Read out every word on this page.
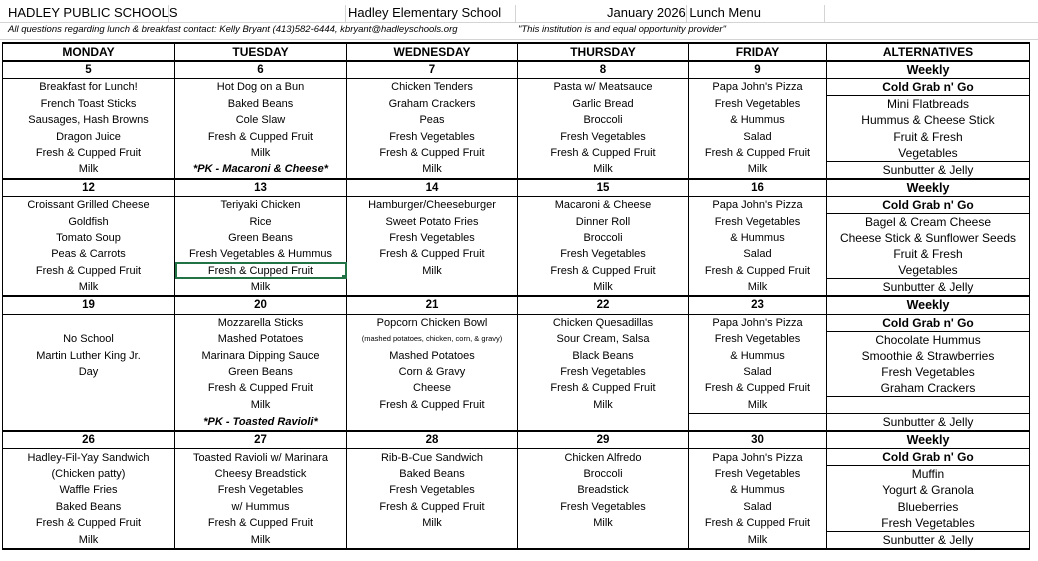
HADLEY PUBLIC SCHOOLS	Hadley Elementary School	January 2026 Lunch Menu
All questions regarding lunch & breakfast contact: Kelly Bryant (413)582-6444, kbryant@hadleyschools.org	"This institution is and equal opportunity provider"
MONDAY	TUESDAY	WEDNESDAY	THURSDAY	FRIDAY	ALTERNATIVES
5	6	7	8	9	Weekly
Breakfast for Lunch!	Hot Dog on a Bun	Chicken Tenders	Pasta w/ Meatsauce	Papa John's Pizza	Cold Grab n' Go
French Toast Sticks	Baked Beans	Graham Crackers	Garlic Bread	Fresh Vegetables	Mini Flatbreads
Sausages, Hash Browns	Cole Slaw	Peas	Broccoli	& Hummus	Hummus & Cheese Stick
Dragon Juice	Fresh & Cupped Fruit	Fresh Vegetables	Fresh Vegetables	Salad	Fruit & Fresh
Fresh & Cupped Fruit	Milk	Fresh & Cupped Fruit	Fresh & Cupped Fruit	Fresh & Cupped Fruit	Vegetables
Milk	*PK - Macaroni & Cheese*	Milk	Milk	Milk	Sunbutter & Jelly
12	13	14	15	16	Weekly
Croissant Grilled Cheese	Teriyaki Chicken	Hamburger/Cheeseburger	Macaroni & Cheese	Papa John's Pizza	Cold Grab n' Go
Goldfish	Rice	Sweet Potato Fries	Dinner Roll	Fresh Vegetables	Bagel & Cream Cheese
Tomato Soup	Green Beans	Fresh Vegetables	Broccoli	& Hummus	Cheese Stick & Sunflower Seeds
Peas & Carrots	Fresh Vegetables & Hummus	Fresh & Cupped Fruit	Fresh Vegetables	Salad	Fruit & Fresh
Fresh & Cupped Fruit	Fresh & Cupped Fruit	Milk	Fresh & Cupped Fruit	Fresh & Cupped Fruit	Vegetables
Milk	Milk		Milk	Milk	Sunbutter & Jelly
19	20	21	22	23	Weekly
	Mozzarella Sticks	Popcorn Chicken Bowl	Chicken Quesadillas	Papa John's Pizza	Cold Grab n' Go
No School	Mashed Potatoes	(mashed potatoes, chicken, corn, & gravy)	Sour Cream, Salsa	Fresh Vegetables	Chocolate Hummus
Martin Luther King Jr.	Marinara Dipping Sauce	Mashed Potatoes	Black Beans	& Hummus	Smoothie & Strawberries
Day	Green Beans	Corn & Gravy	Fresh Vegetables	Salad	Fresh Vegetables
	Fresh & Cupped Fruit	Cheese	Fresh & Cupped Fruit	Fresh & Cupped Fruit	Graham Crackers
	Milk	Fresh & Cupped Fruit	Milk	Milk	
	*PK - Toasted Ravioli*				Sunbutter & Jelly
26	27	28	29	30	Weekly
Hadley-Fil-Yay Sandwich	Toasted Ravioli w/ Marinara	Rib-B-Cue Sandwich	Chicken Alfredo	Papa John's Pizza	Cold Grab n' Go
(Chicken patty)	Cheesy Breadstick	Baked Beans	Broccoli	Fresh Vegetables	Muffin
Waffle Fries	Fresh Vegetables	Fresh Vegetables	Breadstick	& Hummus	Yogurt & Granola
Baked Beans	w/ Hummus	Fresh & Cupped Fruit	Fresh Vegetables	Salad	Blueberries
Fresh & Cupped Fruit	Fresh & Cupped Fruit	Milk	Milk	Fresh & Cupped Fruit	Fresh Vegetables
Milk	Milk			Milk	Sunbutter & Jelly
